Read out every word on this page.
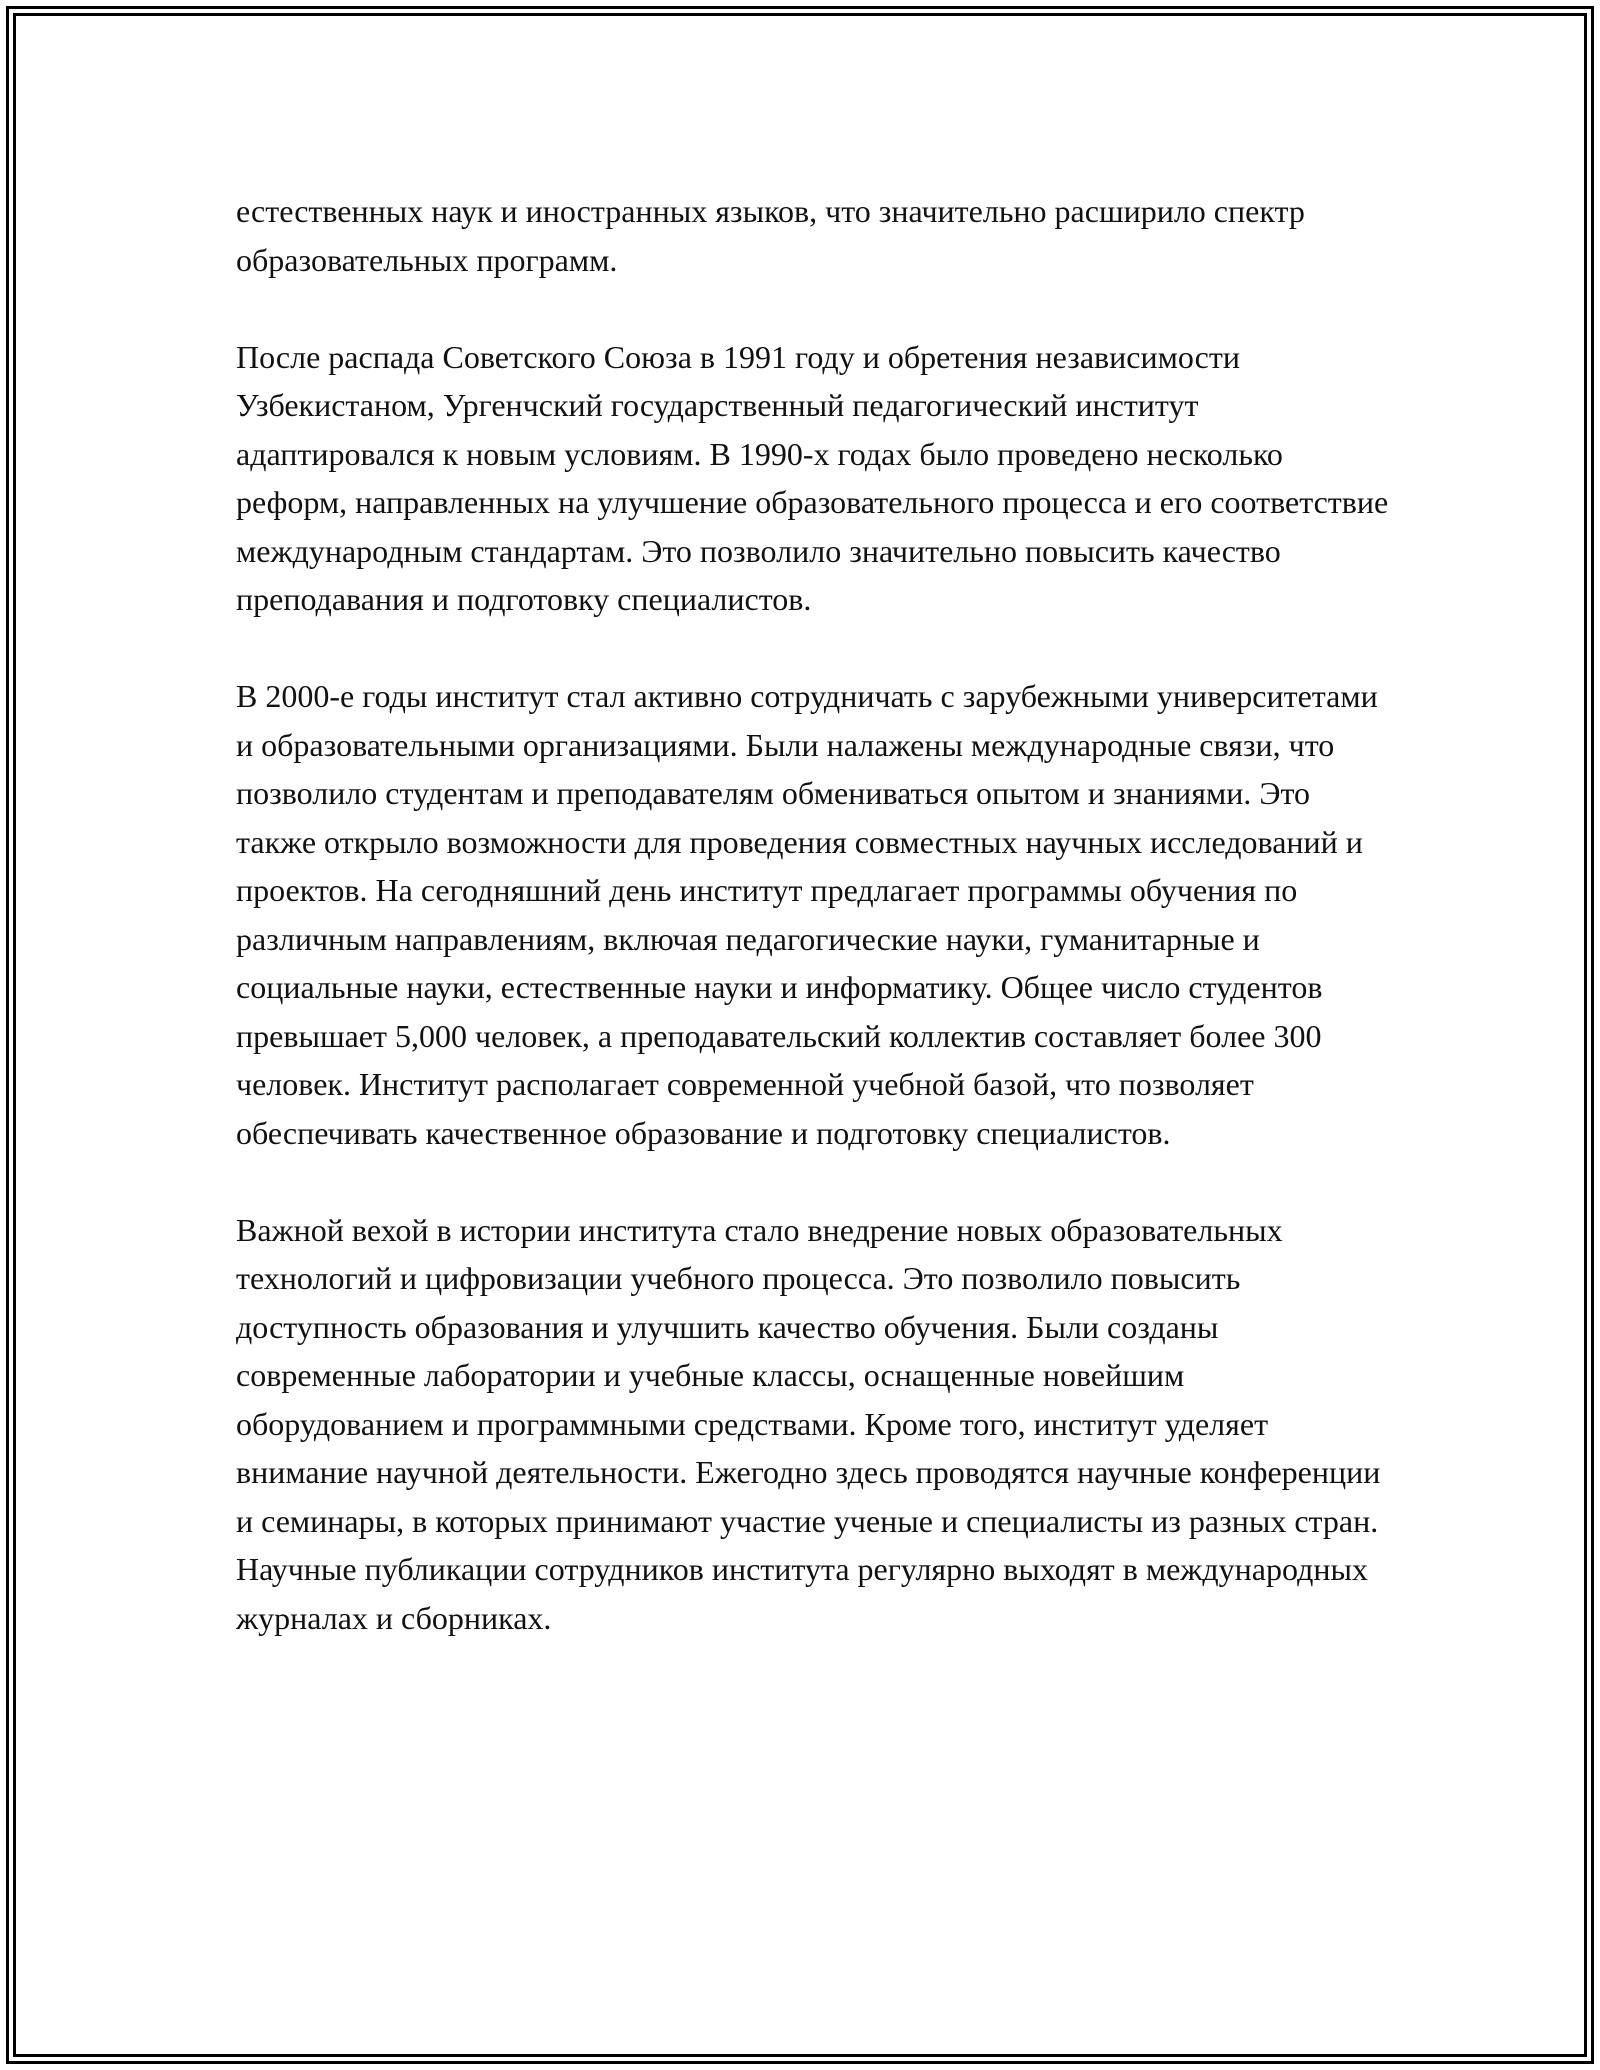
естественных наук и иностранных языков, что значительно расширило спектр образовательных программ.

После распада Советского Союза в 1991 году и обретения независимости Узбекистаном, Ургенчский государственный педагогический институт адаптировался к новым условиям. В 1990-х годах было проведено несколько реформ, направленных на улучшение образовательного процесса и его соответствие международным стандартам. Это позволило значительно повысить качество преподавания и подготовку специалистов.

В 2000-е годы институт стал активно сотрудничать с зарубежными университетами и образовательными организациями. Были налажены международные связи, что позволило студентам и преподавателям обмениваться опытом и знаниями. Это также открыло возможности для проведения совместных научных исследований и проектов. На сегодняшний день институт предлагает программы обучения по различным направлениям, включая педагогические науки, гуманитарные и социальные науки, естественные науки и информатику. Общее число студентов превышает 5,000 человек, а преподавательский коллектив составляет более 300 человек. Институт располагает современной учебной базой, что позволяет обеспечивать качественное образование и подготовку специалистов.

Важной вехой в истории института стало внедрение новых образовательных технологий и цифровизации учебного процесса. Это позволило повысить доступность образования и улучшить качество обучения. Были созданы современные лаборатории и учебные классы, оснащенные новейшим оборудованием и программными средствами. Кроме того, институт уделяет внимание научной деятельности. Ежегодно здесь проводятся научные конференции и семинары, в которых принимают участие ученые и специалисты из разных стран. Научные публикации сотрудников института регулярно выходят в международных журналах и сборниках.
